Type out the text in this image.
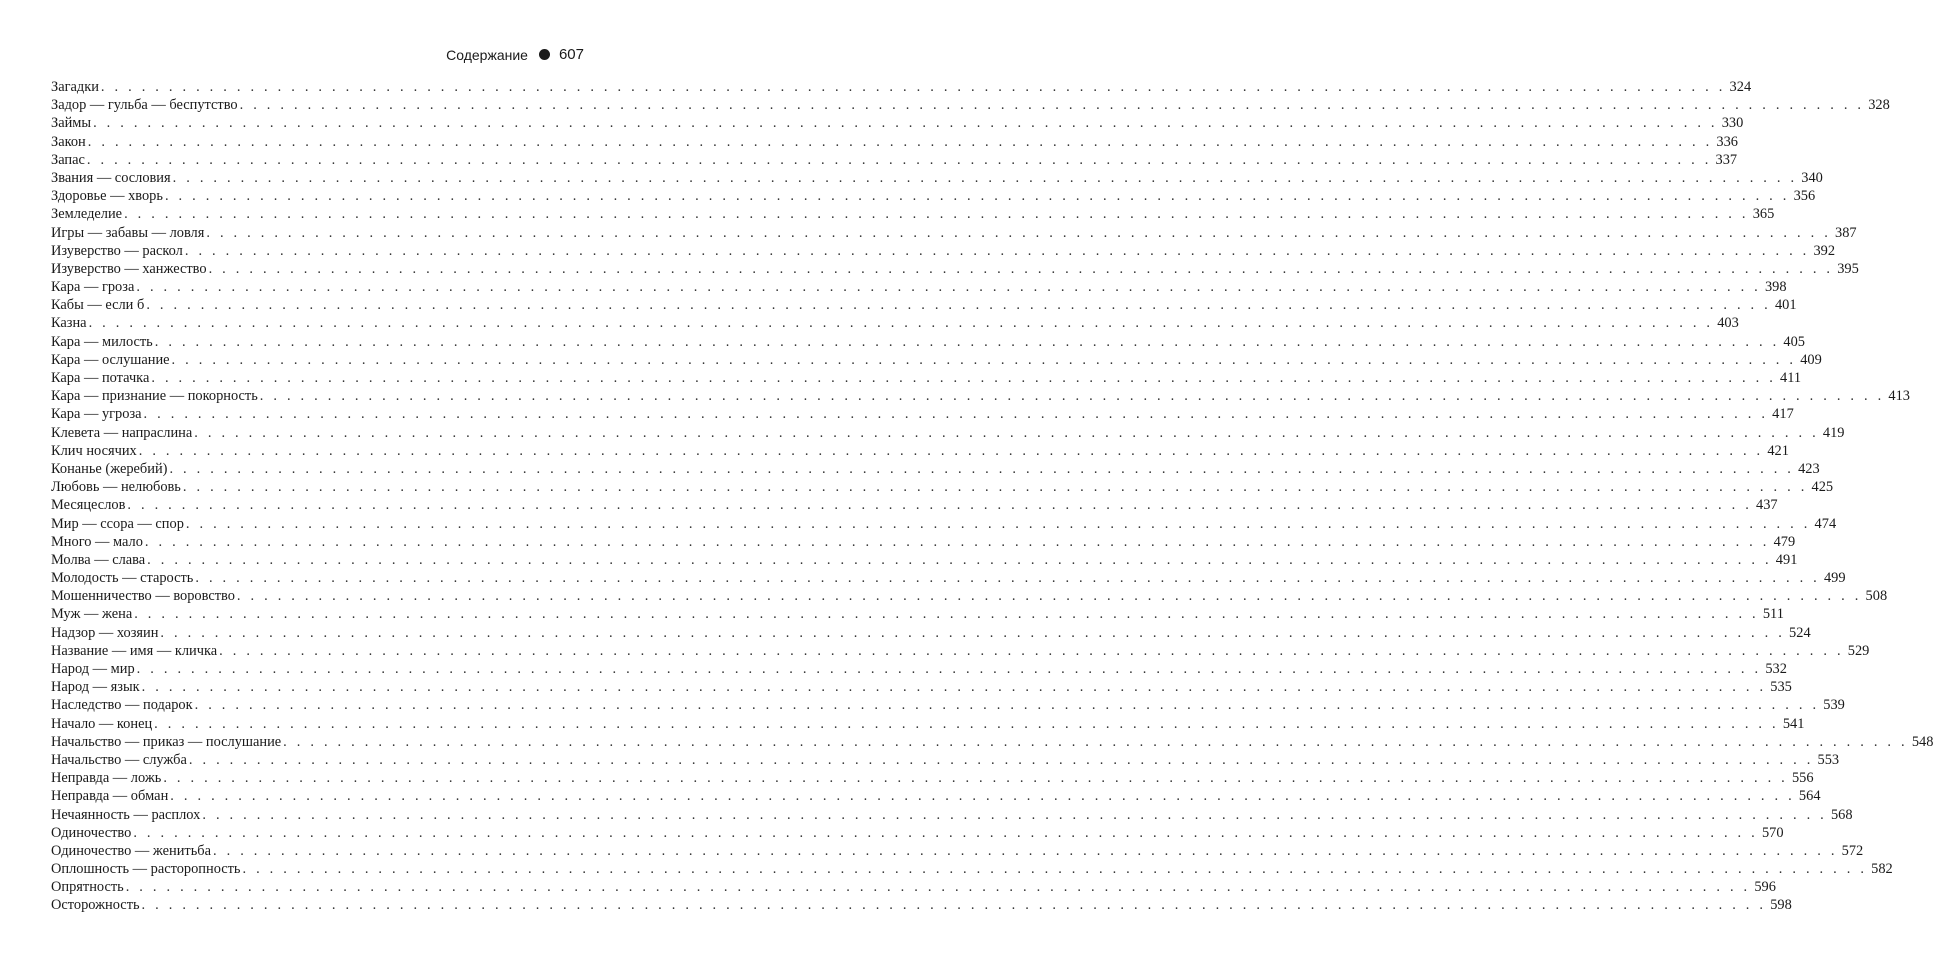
Содержание 607
Загадки . . . . . . . . . . . . . . . . . . . . . . . . . . . . . . . . . . . . . . . . . . . . . . . . . . . . . . . . . . . . . . . . . . . . . . . . . . . . . . . . . . . . . . . . . . . . . . . . . . . . . . . . . . . . . . . . . . . . . . . . 324
Задор — гульба — беспутство . . . . . . . . . . . . . . . . . . . . . . . . . . . . . . . . . . . . . . . . . . . . . . . . . . . . . . . . . . . . . . . . . . . . . . . . . . . . . . . . . . . . . . . . . . . . . . . . . . . . . . . . . . . . . . . . . . . . . . . . 328
Займы . . . . . . . . . . . . . . . . . . . . . . . . . . . . . . . . . . . . . . . . . . . . . . . . . . . . . . . . . . . . . . . . . . . . . . . . . . . . . . . . . . . . . . . . . . . . . . . . . . . . . . . . . . . . . . . . . . . . . . . . 330
Закон . . . . . . . . . . . . . . . . . . . . . . . . . . . . . . . . . . . . . . . . . . . . . . . . . . . . . . . . . . . . . . . . . . . . . . . . . . . . . . . . . . . . . . . . . . . . . . . . . . . . . . . . . . . . . . . . . . . . . . . . 336
Запас . . . . . . . . . . . . . . . . . . . . . . . . . . . . . . . . . . . . . . . . . . . . . . . . . . . . . . . . . . . . . . . . . . . . . . . . . . . . . . . . . . . . . . . . . . . . . . . . . . . . . . . . . . . . . . . . . . . . . . . . 337
Звания — сословия . . . . . . . . . . . . . . . . . . . . . . . . . . . . . . . . . . . . . . . . . . . . . . . . . . . . . . . . . . . . . . . . . . . . . . . . . . . . . . . . . . . . . . . . . . . . . . . . . . . . . . . . . . . . . . . . . . . . . . . . 340
Здоровье — хворь . . . . . . . . . . . . . . . . . . . . . . . . . . . . . . . . . . . . . . . . . . . . . . . . . . . . . . . . . . . . . . . . . . . . . . . . . . . . . . . . . . . . . . . . . . . . . . . . . . . . . . . . . . . . . . . . . . . . . . . . 356
Земледелие . . . . . . . . . . . . . . . . . . . . . . . . . . . . . . . . . . . . . . . . . . . . . . . . . . . . . . . . . . . . . . . . . . . . . . . . . . . . . . . . . . . . . . . . . . . . . . . . . . . . . . . . . . . . . . . . . . . . . . . . 365
Игры — забавы — ловля . . . . . . . . . . . . . . . . . . . . . . . . . . . . . . . . . . . . . . . . . . . . . . . . . . . . . . . . . . . . . . . . . . . . . . . . . . . . . . . . . . . . . . . . . . . . . . . . . . . . . . . . . . . . . . . . . . . . . . . . 387
Изуверство — раскол . . . . . . . . . . . . . . . . . . . . . . . . . . . . . . . . . . . . . . . . . . . . . . . . . . . . . . . . . . . . . . . . . . . . . . . . . . . . . . . . . . . . . . . . . . . . . . . . . . . . . . . . . . . . . . . . . . . . . . . . 392
Изуверство — ханжество . . . . . . . . . . . . . . . . . . . . . . . . . . . . . . . . . . . . . . . . . . . . . . . . . . . . . . . . . . . . . . . . . . . . . . . . . . . . . . . . . . . . . . . . . . . . . . . . . . . . . . . . . . . . . . . . . . . . . . . . 395
Кара — гроза . . . . . . . . . . . . . . . . . . . . . . . . . . . . . . . . . . . . . . . . . . . . . . . . . . . . . . . . . . . . . . . . . . . . . . . . . . . . . . . . . . . . . . . . . . . . . . . . . . . . . . . . . . . . . . . . . . . . . . . . 398
Кабы — если б . . . . . . . . . . . . . . . . . . . . . . . . . . . . . . . . . . . . . . . . . . . . . . . . . . . . . . . . . . . . . . . . . . . . . . . . . . . . . . . . . . . . . . . . . . . . . . . . . . . . . . . . . . . . . . . . . . . . . . . . 401
Казна . . . . . . . . . . . . . . . . . . . . . . . . . . . . . . . . . . . . . . . . . . . . . . . . . . . . . . . . . . . . . . . . . . . . . . . . . . . . . . . . . . . . . . . . . . . . . . . . . . . . . . . . . . . . . . . . . . . . . . . . 403
Кара — милость . . . . . . . . . . . . . . . . . . . . . . . . . . . . . . . . . . . . . . . . . . . . . . . . . . . . . . . . . . . . . . . . . . . . . . . . . . . . . . . . . . . . . . . . . . . . . . . . . . . . . . . . . . . . . . . . . . . . . . . . 405
Кара — ослушание . . . . . . . . . . . . . . . . . . . . . . . . . . . . . . . . . . . . . . . . . . . . . . . . . . . . . . . . . . . . . . . . . . . . . . . . . . . . . . . . . . . . . . . . . . . . . . . . . . . . . . . . . . . . . . . . . . . . . . . . 409
Кара — потачка . . . . . . . . . . . . . . . . . . . . . . . . . . . . . . . . . . . . . . . . . . . . . . . . . . . . . . . . . . . . . . . . . . . . . . . . . . . . . . . . . . . . . . . . . . . . . . . . . . . . . . . . . . . . . . . . . . . . . . . . 411
Кара — признание — покорность . . . . . . . . . . . . . . . . . . . . . . . . . . . . . . . . . . . . . . . . . . . . . . . . . . . . . . . . . . . . . . . . . . . . . . . . . . . . . . . . . . . . . . . . . . . . . . . . . . . . . . . . . . . . . . . . . . . . . . . . 413
Кара — угроза . . . . . . . . . . . . . . . . . . . . . . . . . . . . . . . . . . . . . . . . . . . . . . . . . . . . . . . . . . . . . . . . . . . . . . . . . . . . . . . . . . . . . . . . . . . . . . . . . . . . . . . . . . . . . . . . . . . . . . . . 417
Клевета — напраслина . . . . . . . . . . . . . . . . . . . . . . . . . . . . . . . . . . . . . . . . . . . . . . . . . . . . . . . . . . . . . . . . . . . . . . . . . . . . . . . . . . . . . . . . . . . . . . . . . . . . . . . . . . . . . . . . . . . . . . . . 419
Клич носячих . . . . . . . . . . . . . . . . . . . . . . . . . . . . . . . . . . . . . . . . . . . . . . . . . . . . . . . . . . . . . . . . . . . . . . . . . . . . . . . . . . . . . . . . . . . . . . . . . . . . . . . . . . . . . . . . . . . . . . . . 421
Конанье (жеребий) . . . . . . . . . . . . . . . . . . . . . . . . . . . . . . . . . . . . . . . . . . . . . . . . . . . . . . . . . . . . . . . . . . . . . . . . . . . . . . . . . . . . . . . . . . . . . . . . . . . . . . . . . . . . . . . . . . . . . . . . 423
Любовь — нелюбовь . . . . . . . . . . . . . . . . . . . . . . . . . . . . . . . . . . . . . . . . . . . . . . . . . . . . . . . . . . . . . . . . . . . . . . . . . . . . . . . . . . . . . . . . . . . . . . . . . . . . . . . . . . . . . . . . . . . . . . . . 425
Месяцеслов . . . . . . . . . . . . . . . . . . . . . . . . . . . . . . . . . . . . . . . . . . . . . . . . . . . . . . . . . . . . . . . . . . . . . . . . . . . . . . . . . . . . . . . . . . . . . . . . . . . . . . . . . . . . . . . . . . . . . . . . 437
Мир — ссора — спор . . . . . . . . . . . . . . . . . . . . . . . . . . . . . . . . . . . . . . . . . . . . . . . . . . . . . . . . . . . . . . . . . . . . . . . . . . . . . . . . . . . . . . . . . . . . . . . . . . . . . . . . . . . . . . . . . . . . . . . . 474
Много — мало . . . . . . . . . . . . . . . . . . . . . . . . . . . . . . . . . . . . . . . . . . . . . . . . . . . . . . . . . . . . . . . . . . . . . . . . . . . . . . . . . . . . . . . . . . . . . . . . . . . . . . . . . . . . . . . . . . . . . . . . 479
Молва — слава . . . . . . . . . . . . . . . . . . . . . . . . . . . . . . . . . . . . . . . . . . . . . . . . . . . . . . . . . . . . . . . . . . . . . . . . . . . . . . . . . . . . . . . . . . . . . . . . . . . . . . . . . . . . . . . . . . . . . . . . 491
Молодость — старость . . . . . . . . . . . . . . . . . . . . . . . . . . . . . . . . . . . . . . . . . . . . . . . . . . . . . . . . . . . . . . . . . . . . . . . . . . . . . . . . . . . . . . . . . . . . . . . . . . . . . . . . . . . . . . . . . . . . . . . . 499
Мошенничество — воровство . . . . . . . . . . . . . . . . . . . . . . . . . . . . . . . . . . . . . . . . . . . . . . . . . . . . . . . . . . . . . . . . . . . . . . . . . . . . . . . . . . . . . . . . . . . . . . . . . . . . . . . . . . . . . . . . . . . . . . . . 508
Муж — жена . . . . . . . . . . . . . . . . . . . . . . . . . . . . . . . . . . . . . . . . . . . . . . . . . . . . . . . . . . . . . . . . . . . . . . . . . . . . . . . . . . . . . . . . . . . . . . . . . . . . . . . . . . . . . . . . . . . . . . . . 511
Надзор — хозяин . . . . . . . . . . . . . . . . . . . . . . . . . . . . . . . . . . . . . . . . . . . . . . . . . . . . . . . . . . . . . . . . . . . . . . . . . . . . . . . . . . . . . . . . . . . . . . . . . . . . . . . . . . . . . . . . . . . . . . . . 524
Название — имя — кличка . . . . . . . . . . . . . . . . . . . . . . . . . . . . . . . . . . . . . . . . . . . . . . . . . . . . . . . . . . . . . . . . . . . . . . . . . . . . . . . . . . . . . . . . . . . . . . . . . . . . . . . . . . . . . . . . . . . . . . . . 529
Народ — мир . . . . . . . . . . . . . . . . . . . . . . . . . . . . . . . . . . . . . . . . . . . . . . . . . . . . . . . . . . . . . . . . . . . . . . . . . . . . . . . . . . . . . . . . . . . . . . . . . . . . . . . . . . . . . . . . . . . . . . . . 532
Народ — язык . . . . . . . . . . . . . . . . . . . . . . . . . . . . . . . . . . . . . . . . . . . . . . . . . . . . . . . . . . . . . . . . . . . . . . . . . . . . . . . . . . . . . . . . . . . . . . . . . . . . . . . . . . . . . . . . . . . . . . . . 535
Наследство — подарок . . . . . . . . . . . . . . . . . . . . . . . . . . . . . . . . . . . . . . . . . . . . . . . . . . . . . . . . . . . . . . . . . . . . . . . . . . . . . . . . . . . . . . . . . . . . . . . . . . . . . . . . . . . . . . . . . . . . . . . . 539
Начало — конец . . . . . . . . . . . . . . . . . . . . . . . . . . . . . . . . . . . . . . . . . . . . . . . . . . . . . . . . . . . . . . . . . . . . . . . . . . . . . . . . . . . . . . . . . . . . . . . . . . . . . . . . . . . . . . . . . . . . . . . . 541
Начальство — приказ — послушание . . . . . . . . . . . . . . . . . . . . . . . . . . . . . . . . . . . . . . . . . . . . . . . . . . . . . . . . . . . . . . . . . . . . . . . . . . . . . . . . . . . . . . . . . . . . . . . . . . . . . . . . . . . . . . . . . . . . . . . . 548
Начальство — служба . . . . . . . . . . . . . . . . . . . . . . . . . . . . . . . . . . . . . . . . . . . . . . . . . . . . . . . . . . . . . . . . . . . . . . . . . . . . . . . . . . . . . . . . . . . . . . . . . . . . . . . . . . . . . . . . . . . . . . . . 553
Неправда — ложь . . . . . . . . . . . . . . . . . . . . . . . . . . . . . . . . . . . . . . . . . . . . . . . . . . . . . . . . . . . . . . . . . . . . . . . . . . . . . . . . . . . . . . . . . . . . . . . . . . . . . . . . . . . . . . . . . . . . . . . . 556
Неправда — обман . . . . . . . . . . . . . . . . . . . . . . . . . . . . . . . . . . . . . . . . . . . . . . . . . . . . . . . . . . . . . . . . . . . . . . . . . . . . . . . . . . . . . . . . . . . . . . . . . . . . . . . . . . . . . . . . . . . . . . . . 564
Нечаянность — расплох . . . . . . . . . . . . . . . . . . . . . . . . . . . . . . . . . . . . . . . . . . . . . . . . . . . . . . . . . . . . . . . . . . . . . . . . . . . . . . . . . . . . . . . . . . . . . . . . . . . . . . . . . . . . . . . . . . . . . . . . 568
Одиночество . . . . . . . . . . . . . . . . . . . . . . . . . . . . . . . . . . . . . . . . . . . . . . . . . . . . . . . . . . . . . . . . . . . . . . . . . . . . . . . . . . . . . . . . . . . . . . . . . . . . . . . . . . . . . . . . . . . . . . . . 570
Одиночество — женитьба . . . . . . . . . . . . . . . . . . . . . . . . . . . . . . . . . . . . . . . . . . . . . . . . . . . . . . . . . . . . . . . . . . . . . . . . . . . . . . . . . . . . . . . . . . . . . . . . . . . . . . . . . . . . . . . . . . . . . . . . 572
Оплошность — расторопность . . . . . . . . . . . . . . . . . . . . . . . . . . . . . . . . . . . . . . . . . . . . . . . . . . . . . . . . . . . . . . . . . . . . . . . . . . . . . . . . . . . . . . . . . . . . . . . . . . . . . . . . . . . . . . . . . . . . . . . . 582
Опрятность . . . . . . . . . . . . . . . . . . . . . . . . . . . . . . . . . . . . . . . . . . . . . . . . . . . . . . . . . . . . . . . . . . . . . . . . . . . . . . . . . . . . . . . . . . . . . . . . . . . . . . . . . . . . . . . . . . . . . . . . 596
Осторожность . . . . . . . . . . . . . . . . . . . . . . . . . . . . . . . . . . . . . . . . . . . . . . . . . . . . . . . . . . . . . . . . . . . . . . . . . . . . . . . . . . . . . . . . . . . . . . . . . . . . . . . . . . . . . . . . . . . . . . . . 598
